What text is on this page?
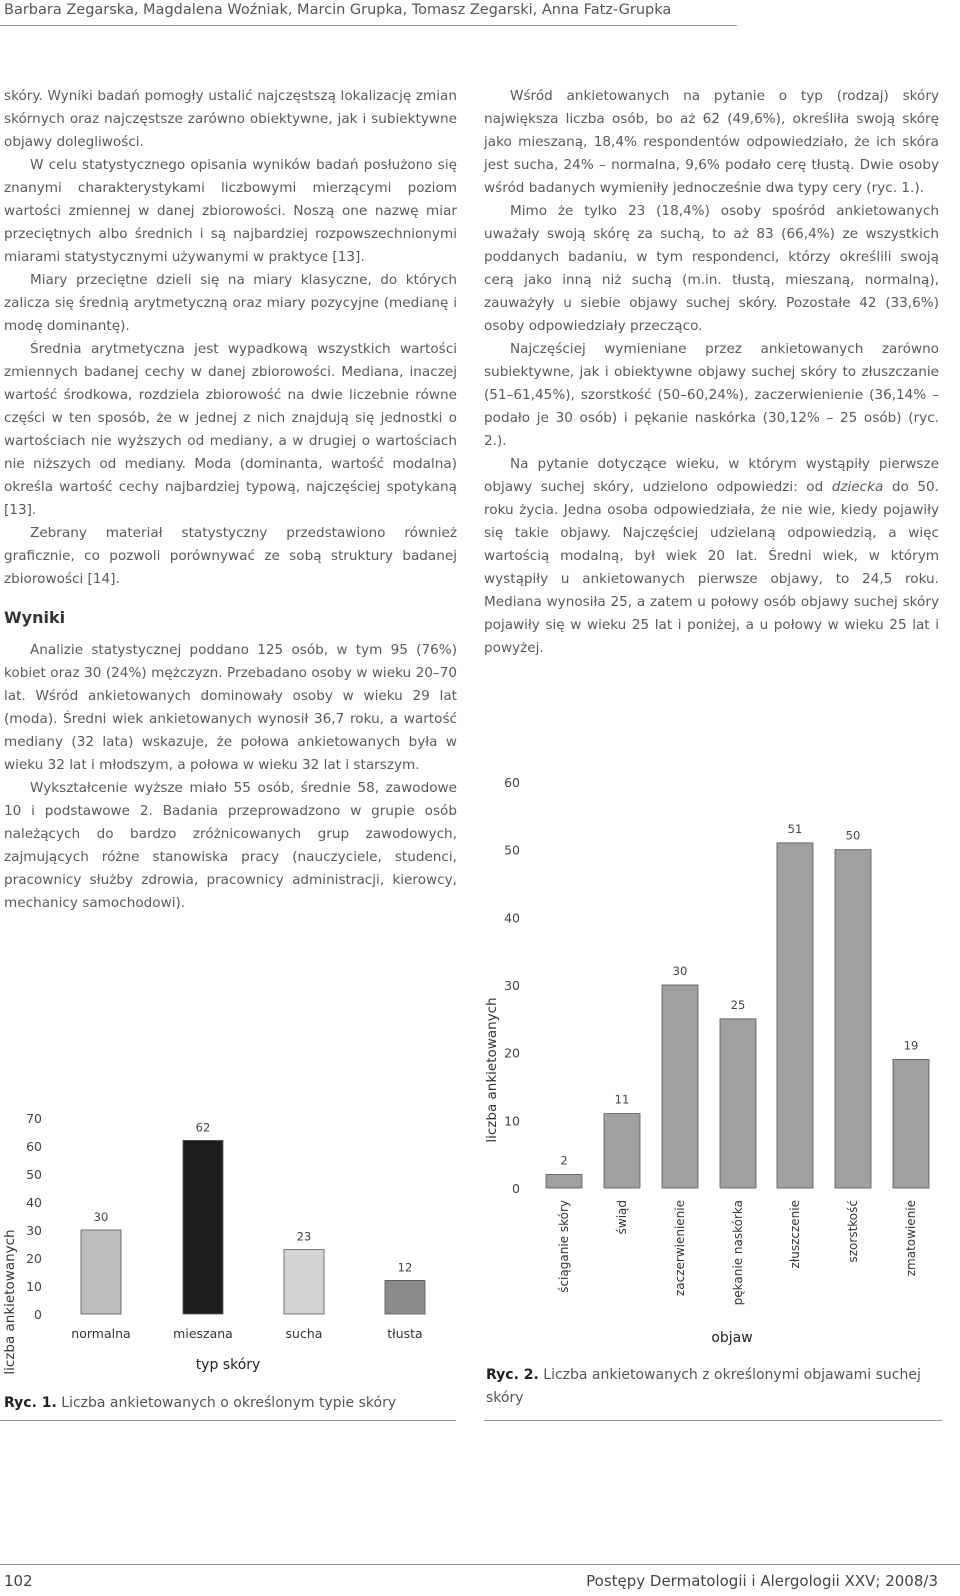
Barbara Zegarska, Magdalena Woźniak, Marcin Grupka, Tomasz Zegarski, Anna Fatz-Grupka

skóry. Wyniki badań pomogły ustalić najczęstszą lokalizację zmian skórnych oraz najczęstsze zarówno obiektywne, jak i subiektywne objawy dolegliwości.

W celu statystycznego opisania wyników badań posłużono się znanymi charakterystykami liczbowymi mierzącymi poziom wartości zmiennej w danej zbiorowości. Noszą one nazwę miar przeciętnych albo średnich i są najbardziej rozpowszechnionymi miarami statystycznymi używanymi w praktyce [13].

Miary przeciętne dzieli się na miary klasyczne, do których zalicza się średnią arytmetyczną oraz miary pozycyjne (medianę i modę dominantę).

Średnia arytmetyczna jest wypadkową wszystkich wartości zmiennych badanej cechy w danej zbiorowości. Mediana, inaczej wartość środkowa, rozdziela zbiorowość na dwie liczebnie równe części w ten sposób, że w jednej z nich znajdują się jednostki o wartościach nie wyższych od mediany, a w drugiej o wartościach nie niższych od mediany. Moda (dominanta, wartość modalna) określa wartość cechy najbardziej typową, najczęściej spotykaną [13].

Zebrany materiał statystyczny przedstawiono również graficznie, co pozwoli porównywać ze sobą struktury badanej zbiorowości [14].

Wyniki

Analizie statystycznej poddano 125 osób, w tym 95 (76%) kobiet oraz 30 (24%) mężczyzn. Przebadano osoby w wieku 20–70 lat. Wśród ankietowanych dominowały osoby w wieku 29 lat (moda). Średni wiek ankietowanych wynosił 36,7 roku, a wartość mediany (32 lata) wskazuje, że połowa ankietowanych była w wieku 32 lat i młodszym, a połowa w wieku 32 lat i starszym.

Wykształcenie wyższe miało 55 osób, średnie 58, zawodowe 10 i podstawowe 2. Badania przeprowadzono w grupie osób należących do bardzo zróżnicowanych grup zawodowych, zajmujących różne stanowiska pracy (nauczyciele, studenci, pracownicy służby zdrowia, pracownicy administracji, kierowcy, mechanicy samochodowi).

Wśród ankietowanych na pytanie o typ (rodzaj) skóry największa liczba osób, bo aż 62 (49,6%), określiła swoją skórę jako mieszaną, 18,4% respondentów odpowiedziało, że ich skóra jest sucha, 24% – normalna, 9,6% podało cerę tłustą. Dwie osoby wśród badanych wymieniły jednocześnie dwa typy cery (ryc. 1.).

Mimo że tylko 23 (18,4%) osoby spośród ankietowanych uważały swoją skórę za suchą, to aż 83 (66,4%) ze wszystkich poddanych badaniu, w tym respondenci, którzy określili swoją cerą jako inną niż suchą (m.in. tłustą, mieszaną, normalną), zauważyły u siebie objawy suchej skóry. Pozostałe 42 (33,6%) osoby odpowiedziały przecząco.

Najczęściej wymieniane przez ankietowanych zarówno subiektywne, jak i obiektywne objawy suchej skóry to złuszczanie (51–61,45%), szorstkość (50–60,24%), zaczerwienienie (36,14% – podało je 30 osób) i pękanie naskórka (30,12% – 25 osób) (ryc. 2.).

Na pytanie dotyczące wieku, w którym wystąpiły pierwsze objawy suchej skóry, udzielono odpowiedzi: od dziecka do 50. roku życia. Jedna osoba odpowiedziała, że nie wie, kiedy pojawiły się takie objawy. Najczęściej udzielaną odpowiedzią, a więc wartością modalną, był wiek 20 lat. Średni wiek, w którym wystąpiły u ankietowanych pierwsze objawy, to 24,5 roku. Mediana wynosiła 25, a zatem u połowy osób objawy suchej skóry pojawiły się w wieku 25 lat i poniżej, a u połowy w wieku 25 lat i powyżej.

liczba ankietowanych 0
10
20
30
40
50
60
70
30
62
23
12
normalna	mieszana	sucha	tłusta
typ skóry
Ryc. 1. Liczba ankietowanych o określonym typie skóry
liczba ankietowanych
0
10
20
30
40
50
60
2
11
30
25
51	50
19
ściąganie skóry	świąd	zaczerwienienie	pękanie naskórka	złuszczenie	szorstkość	zmatowienie
objaw
Ryc. 2. Liczba ankietowanych z określonymi objawami suchej skóry
102	Postępy Dermatologii i Alergologii XXV; 2008/3
